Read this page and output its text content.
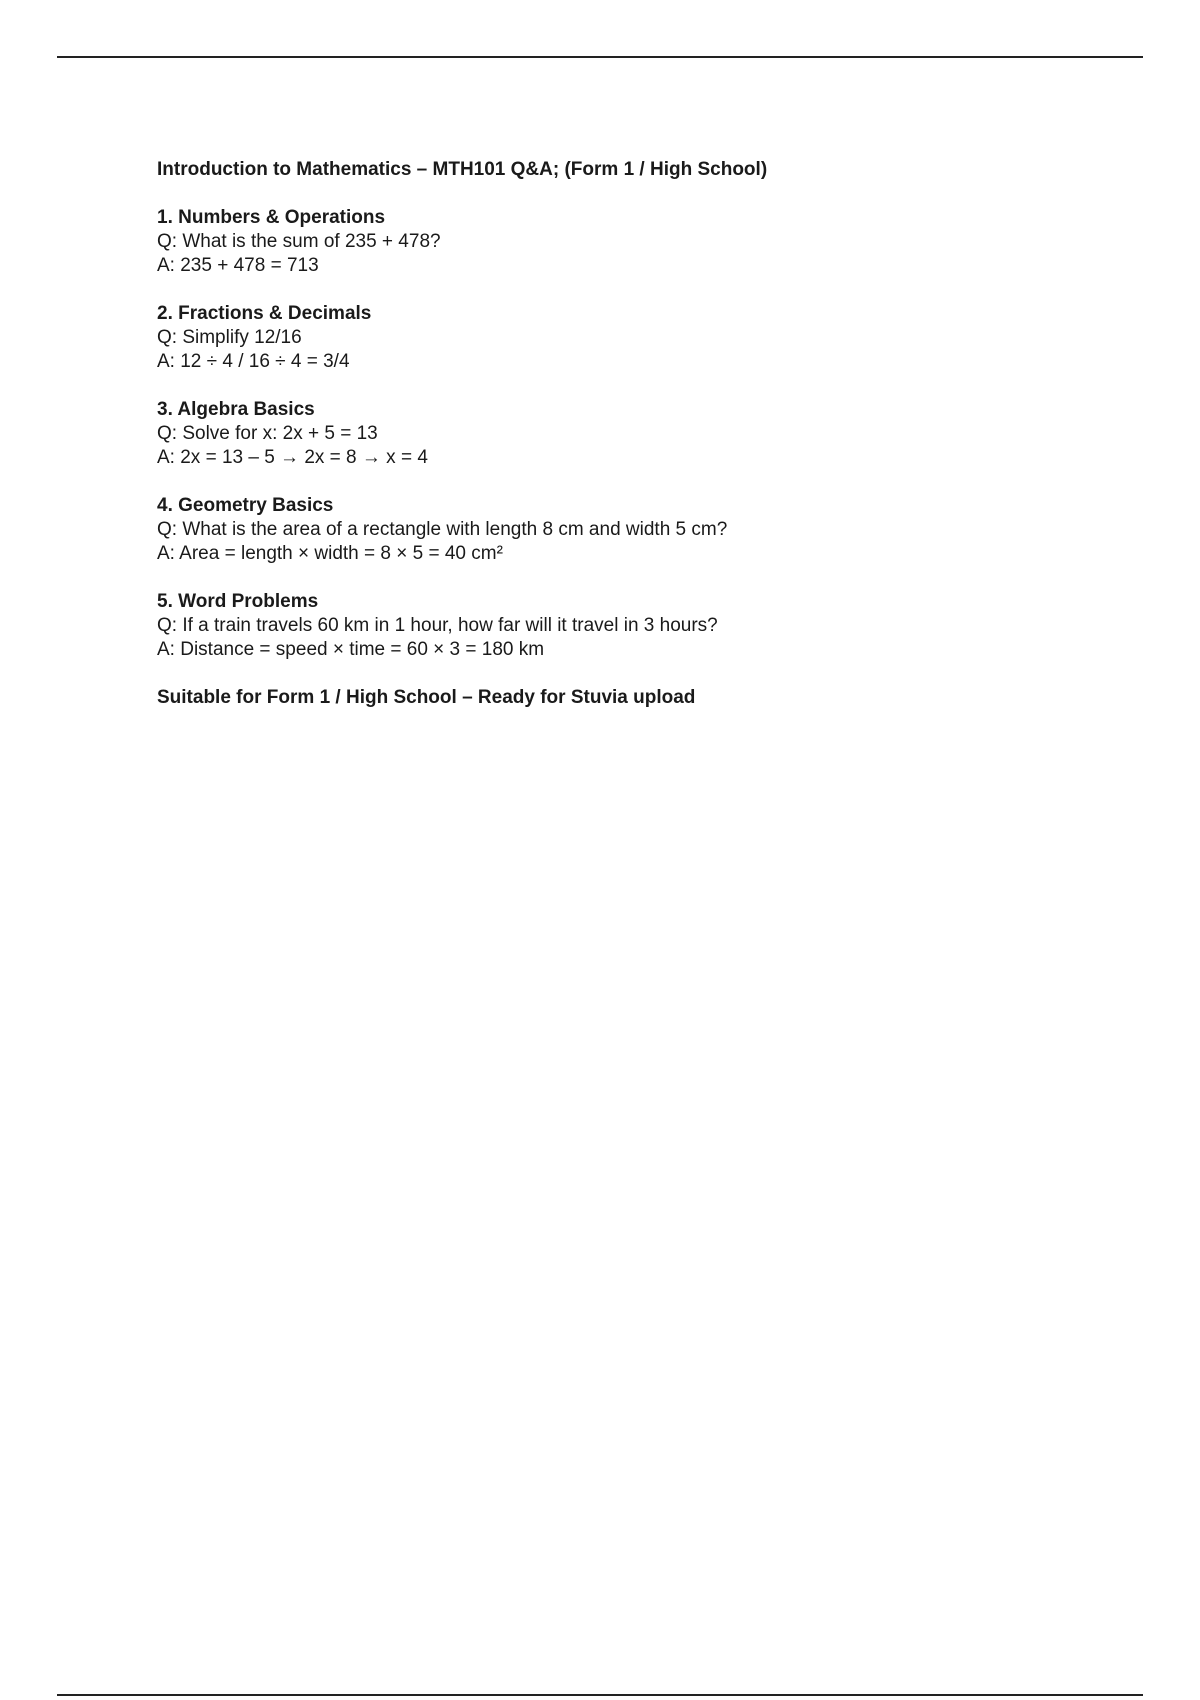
Introduction to Mathematics – MTH101 Q&A; (Form 1 / High School)

1. Numbers & Operations

Q: What is the sum of 235 + 478?

A: 235 + 478 = 713

2. Fractions & Decimals

Q: Simplify 12/16

A: 12 ÷ 4 / 16 ÷ 4 = 3/4

3. Algebra Basics

Q: Solve for x: 2x + 5 = 13

A: 2x = 13 – 5 → 2x = 8 → x = 4

4. Geometry Basics

Q: What is the area of a rectangle with length 8 cm and width 5 cm?

A: Area = length × width = 8 × 5 = 40 cm²

5. Word Problems

Q: If a train travels 60 km in 1 hour, how far will it travel in 3 hours?

A: Distance = speed × time = 60 × 3 = 180 km

Suitable for Form 1 / High School – Ready for Stuvia upload
